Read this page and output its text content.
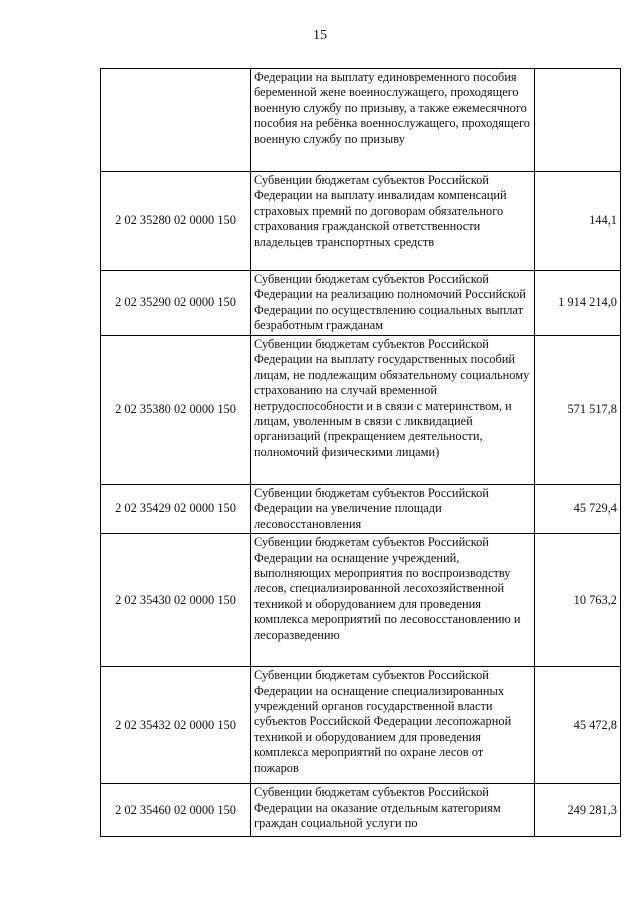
15
	Федерации на выплату единовременного пособия беременной жене военнослужащего, проходящего военную службу по призыву, а также ежемесячного пособия на ребёнка военнослужащего, проходящего военную службу по призыву	
2 02 35280 02 0000 150	Субвенции бюджетам субъектов Российской Федерации на выплату инвалидам компенсаций страховых премий по договорам обязательного страхования гражданской ответственности владельцев транспортных средств	144,1
2 02 35290 02 0000 150	Субвенции бюджетам субъектов Российской Федерации на реализацию полномочий Российской Федерации по осуществлению социальных выплат безработным гражданам	1 914 214,0
2 02 35380 02 0000 150	Субвенции бюджетам субъектов Российской Федерации на выплату государственных пособий лицам, не подлежащим обязательному социальному страхованию на случай временной нетрудоспособности и в связи с материнством, и лицам, уволенным в связи с ликвидацией организаций (прекращением деятельности, полномочий физическими лицами)	571 517,8
2 02 35429 02 0000 150	Субвенции бюджетам субъектов Российской Федерации на увеличение площади лесовосстановления	45 729,4
2 02 35430 02 0000 150	Субвенции бюджетам субъектов Российской Федерации на оснащение учреждений, выполняющих мероприятия по воспроизводству лесов, специализированной лесохозяйственной техникой и оборудованием для проведения комплекса мероприятий по лесовосстановлению и лесоразведению	10 763,2
2 02 35432 02 0000 150	Субвенции бюджетам субъектов Российской Федерации на оснащение специализированных учреждений органов государственной власти субъектов Российской Федерации лесопожарной техникой и оборудованием для проведения комплекса мероприятий по охране лесов от пожаров	45 472,8
2 02 35460 02 0000 150	Субвенции бюджетам субъектов Российской Федерации на оказание отдельным категориям граждан социальной услуги по	249 281,3
